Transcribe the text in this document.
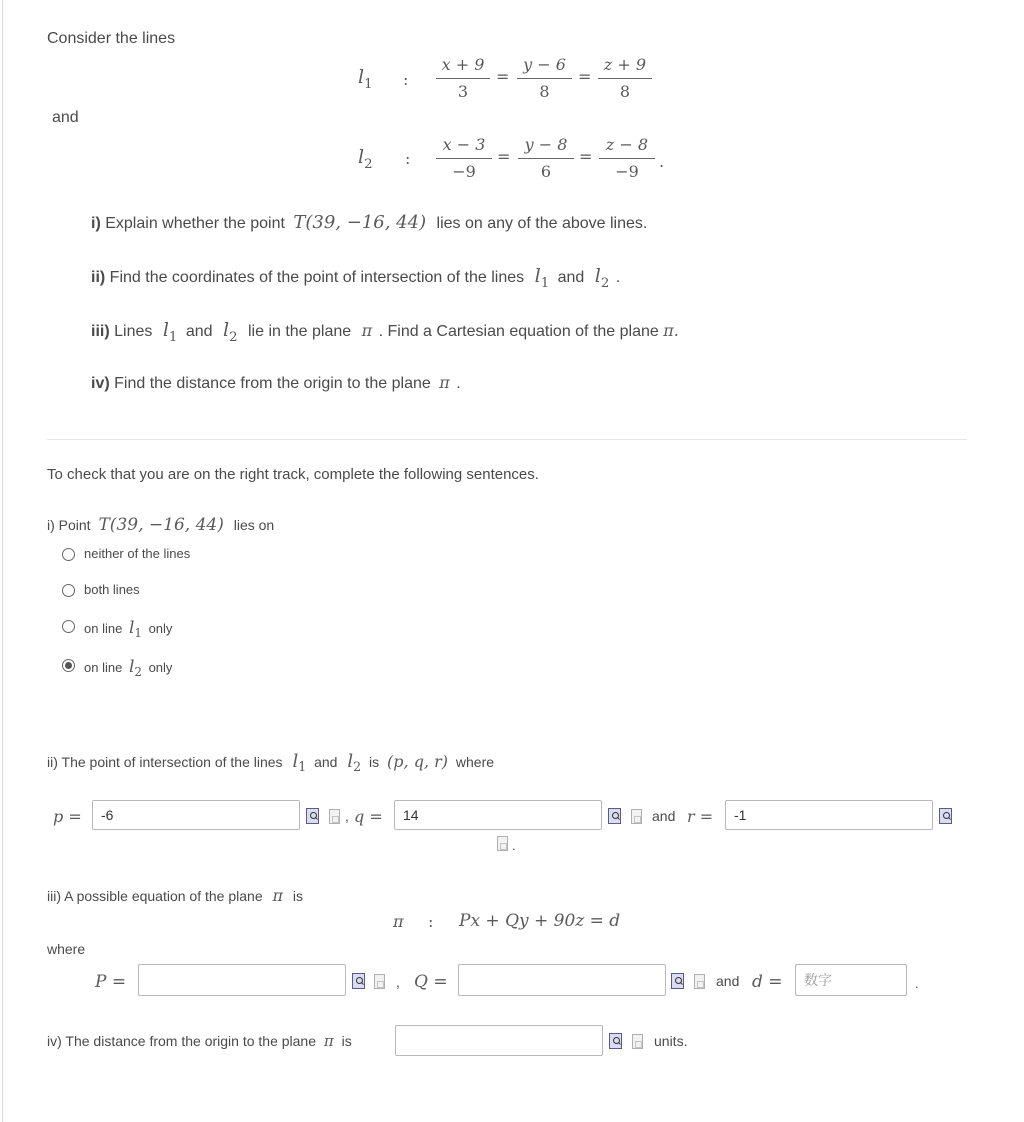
Consider the lines
$l_1$ : $\frac{x + 9}{3} = \frac{y - 6}{8} = \frac{z + 9}{8}$
and
$l_2$ : $\frac{x - 3}{-9} = \frac{y - 8}{6} = \frac{z - 8}{-9}$ .
i) Explain whether the point T(39, −16, 44) lies on any of the above lines.
ii) Find the coordinates of the point of intersection of the lines $l_1$ and $l_2$ .
iii) Lines $l_1$ and $l_2$ lie in the plane π . Find a Cartesian equation of the plane π.
iv) Find the distance from the origin to the plane π .
To check that you are on the right track, complete the following sentences.
i) Point T(39, −16, 44) lies on
neither of the lines
both lines
on line $l_1$ only
on line $l_2$ only
ii) The point of intersection of the lines $l_1$ and $l_2$ is (p, q, r) where
p =
-6	, q =
14	and r =
-1
.
iii) A possible equation of the plane π is
π : Px + Qy + 90z = d
where
P =	, Q =	and d =
数字	.
iv) The distance from the origin to the plane π is	units.
